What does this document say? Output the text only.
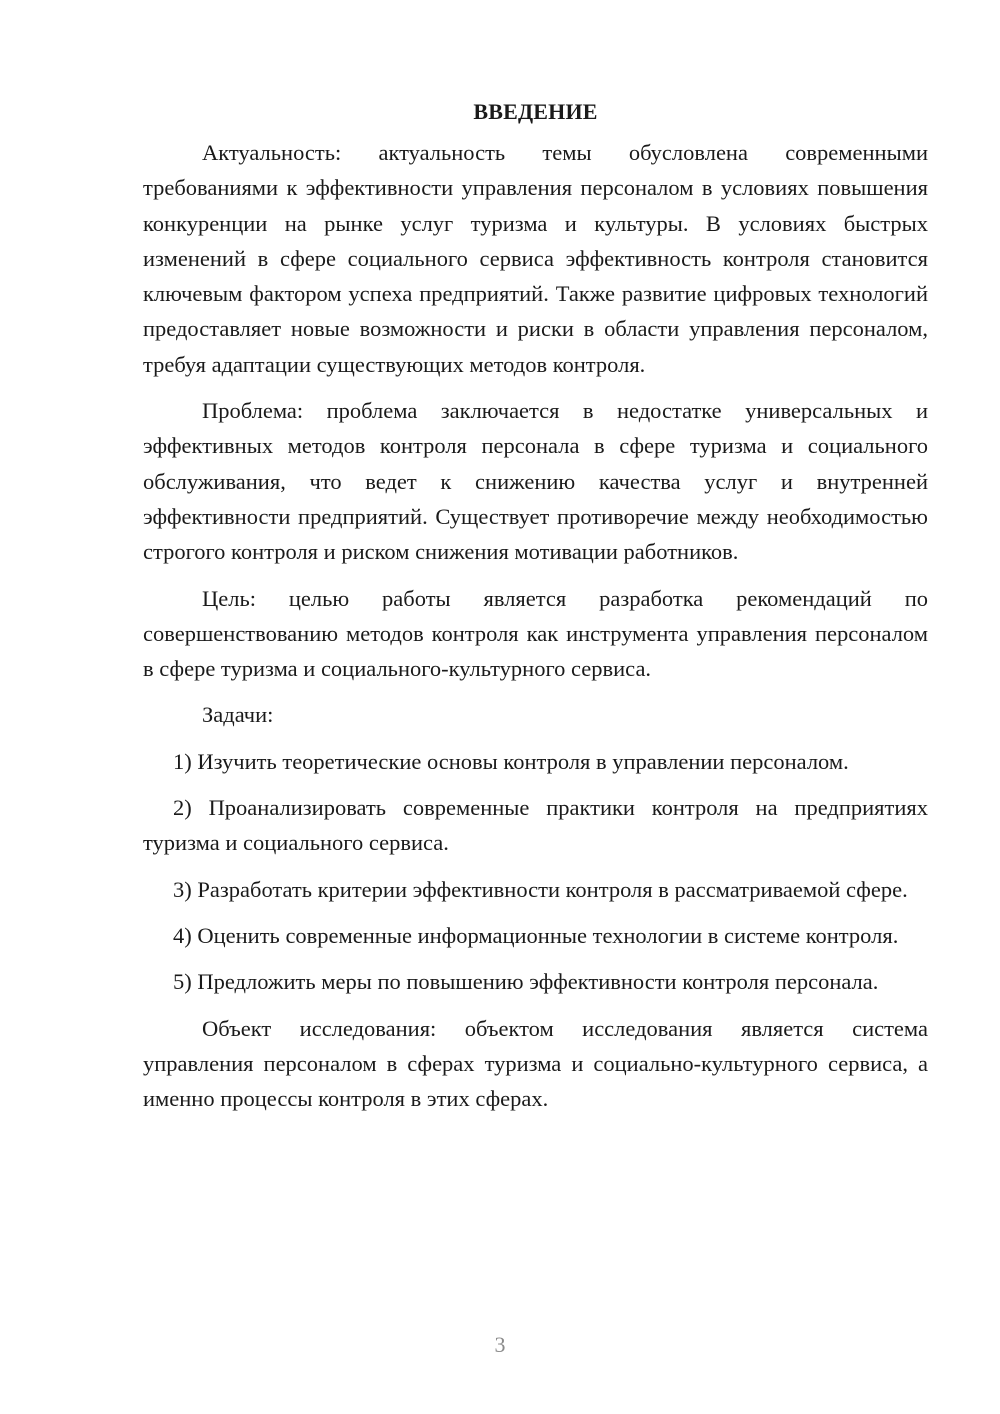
ВВЕДЕНИЕ

Актуальность: актуальность темы обусловлена современными требованиями к эффективности управления персоналом в условиях повышения конкуренции на рынке услуг туризма и культуры. В условиях быстрых изменений в сфере социального сервиса эффективность контроля становится ключевым фактором успеха предприятий. Также развитие цифровых технологий предоставляет новые возможности и риски в области управления персоналом, требуя адаптации существующих методов контроля.

Проблема: проблема заключается в недостатке универсальных и эффективных методов контроля персонала в сфере туризма и социального обслуживания, что ведет к снижению качества услуг и внутренней эффективности предприятий. Существует противоречие между необходимостью строгого контроля и риском снижения мотивации работников.

Цель: целью работы является разработка рекомендаций по совершенствованию методов контроля как инструмента управления персоналом в сфере туризма и социального-культурного сервиса.

Задачи:

1) Изучить теоретические основы контроля в управлении персоналом.

2) Проанализировать современные практики контроля на предприятиях туризма и социального сервиса.

3) Разработать критерии эффективности контроля в рассматриваемой сфере.

4) Оценить современные информационные технологии в системе контроля.

5) Предложить меры по повышению эффективности контроля персонала.

Объект исследования: объектом исследования является система управления персоналом в сферах туризма и социально-культурного сервиса, а именно процессы контроля в этих сферах.

3
